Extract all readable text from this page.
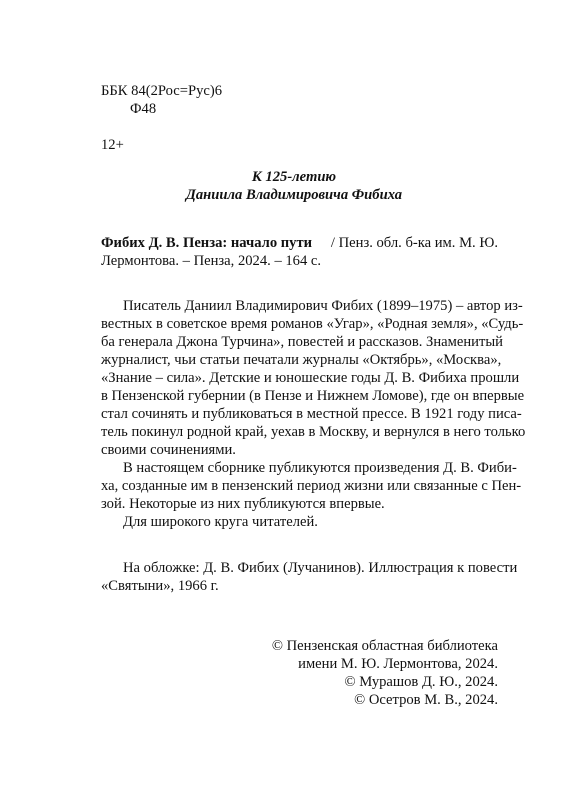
ББК 84(2Рос=Рус)6
Ф48
12+
К 125-летию
Даниила Владимировича Фибиха
Фибих Д. В. Пенза: начало пути / Пенз. обл. б-ка им. М. Ю.
Лермонтова. – Пенза, 2024. – 164 с.
Писатель Даниил Владимирович Фибих (1899–1975) – автор из-
вестных в советское время романов «Угар», «Родная земля», «Судь-
ба генерала Джона Турчина», повестей и рассказов. Знаменитый
журналист, чьи статьи печатали журналы «Октябрь», «Москва»,
«Знание – сила». Детские и юношеские годы Д. В. Фибиха прошли
в Пензенской губернии (в Пензе и Нижнем Ломове), где он впервые
стал сочинять и публиковаться в местной прессе. В 1921 году писа-
тель покинул родной край, уехав в Москву, и вернулся в него только
своими сочинениями.
В настоящем сборнике публикуются произведения Д. В. Фиби-
ха, созданные им в пензенский период жизни или связанные с Пен-
зой. Некоторые из них публикуются впервые.
Для широкого круга читателей.
На обложке: Д. В. Фибих (Лучанинов). Иллюстрация к повести
«Святыни», 1966 г.
© Пензенская областная библиотека
имени М. Ю. Лермонтова, 2024.
© Мурашов Д. Ю., 2024.
© Осетров М. В., 2024.
